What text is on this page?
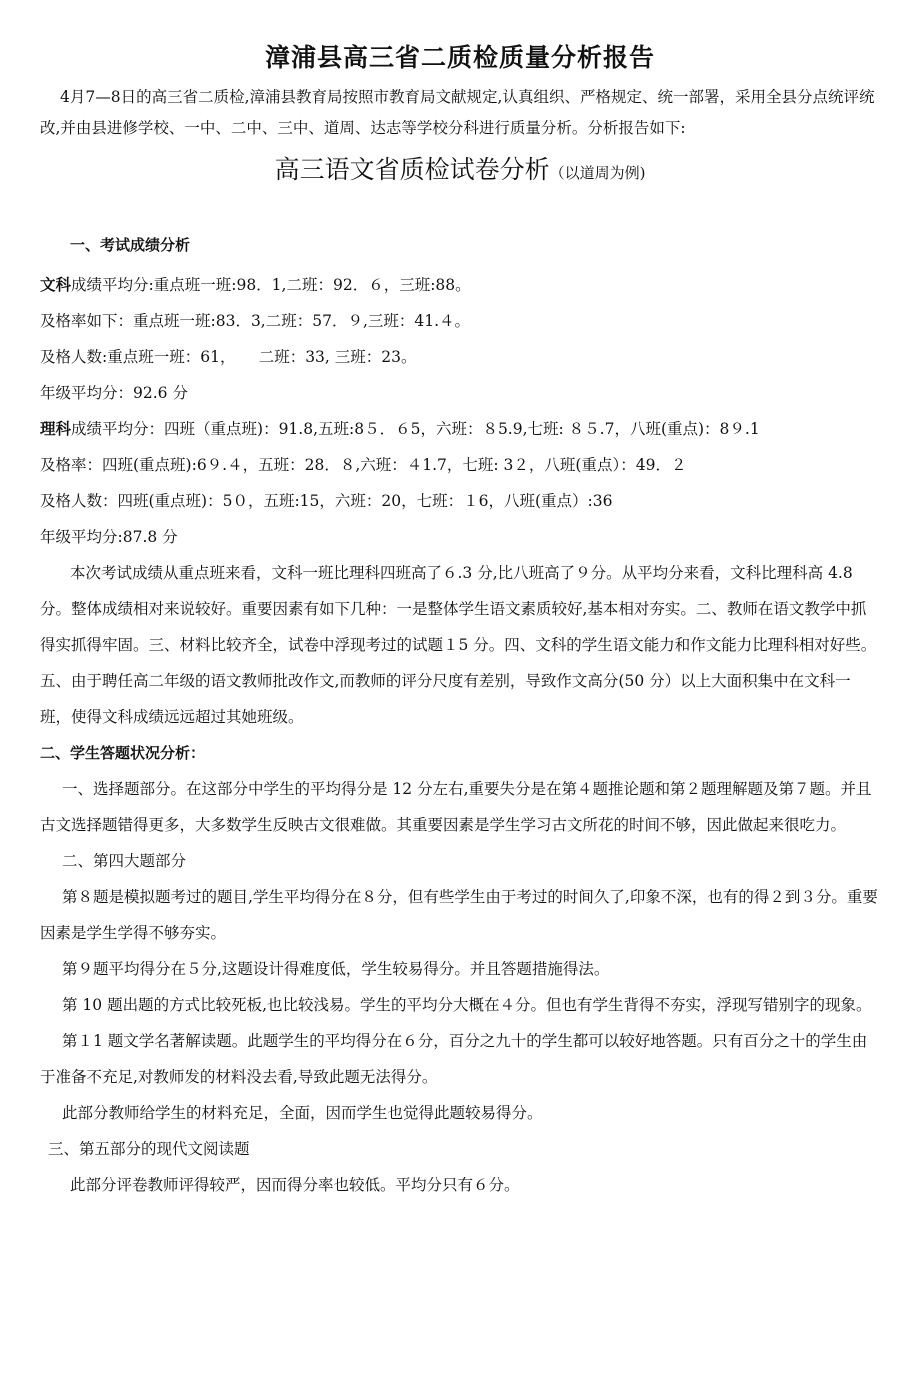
漳浦县高三省二质检质量分析报告

4月7—8日的高三省二质检,漳浦县教育局按照市教育局文献规定,认真组织、严格规定、统一部署，采用全县分点统评统改,并由县进修学校、一中、二中、三中、道周、达志等学校分科进行质量分析。分析报告如下:

高三语文省质检试卷分析（以道周为例)
一、考试成绩分析
文科成绩平均分:重点班一班:98．1,二班：92．６，三班:88。
及格率如下：重点班一班:83．3,二班：57．９,三班：41.４。
及格人数:重点班一班：61，　　二班：33, 三班：23。
年级平均分：92.6 分
理科成绩平均分：四班（重点班)：91.8,五班:8５．６5，六班：８5.9,七班: ８５.7，八班(重点)：8９.1
及格率：四班(重点班):6９.４，五班：28．８,六班：４1.7，七班: 3２，八班(重点）：49．２
及格人数：四班(重点班)：5０，五班:15，六班：20，七班：１6，八班(重点）:36
年级平均分:87.8 分

本次考试成绩从重点班来看，文科一班比理科四班高了６.3 分,比八班高了９分。从平均分来看，文科比理科高 4.8 分。整体成绩相对来说较好。重要因素有如下几种：一是整体学生语文素质较好,基本相对夯实。二、教师在语文教学中抓得实抓得牢固。三、材料比较齐全，试卷中浮现考过的试题１5 分。四、文科的学生语文能力和作文能力比理科相对好些。五、由于聘任高二年级的语文教师批改作文,而教师的评分尺度有差别，导致作文高分(50 分）以上大面积集中在文科一班，使得文科成绩远远超过其她班级。

二、学生答题状况分析：

一、选择题部分。在这部分中学生的平均得分是 12 分左右,重要失分是在第４题推论题和第２题理解题及第７题。并且古文选择题错得更多，大多数学生反映古文很难做。其重要因素是学生学习古文所花的时间不够，因此做起来很吃力。

二、第四大题部分

第８题是模拟题考过的题目,学生平均得分在８分，但有些学生由于考过的时间久了,印象不深，也有的得２到３分。重要因素是学生学得不够夯实。

第９题平均得分在５分,这题设计得难度低，学生较易得分。并且答题措施得法。

第 10 题出题的方式比较死板,也比较浅易。学生的平均分大概在４分。但也有学生背得不夯实，浮现写错别字的现象。

第１1 题文学名著解读题。此题学生的平均得分在６分，百分之九十的学生都可以较好地答题。只有百分之十的学生由于准备不充足,对教师发的材料没去看,导致此题无法得分。

此部分教师给学生的材料充足，全面，因而学生也觉得此题较易得分。

三、第五部分的现代文阅读题

此部分评卷教师评得较严，因而得分率也较低。平均分只有６分。
